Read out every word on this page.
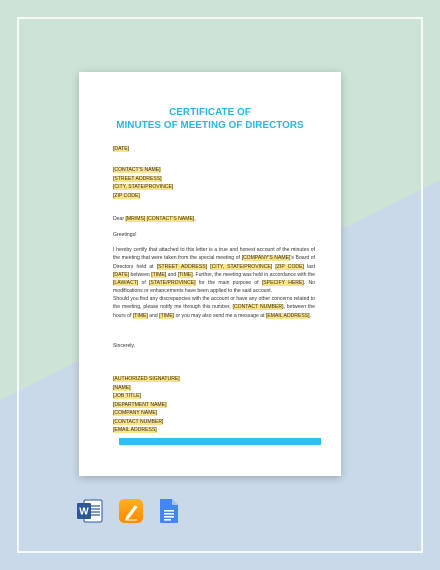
CERTIFICATE OF
MINUTES OF MEETING OF DIRECTORS
[DATE]
[CONTACT'S NAME]
[STREET ADDRESS]
[CITY, STATE/PROVINCE]
[ZIP CODE]
Dear [MR/MS] [CONTACT'S NAME],
Greetings!
I hereby certify that attached to this letter is a true and honest account of the minutes of the meeting that were taken from the special meeting of [COMPANY'S NAME]'s Board of Directors held at [STREET ADDRESS] [CITY, STATE/PROVINCE] [ZIP CODE] last [DATE] between [TIME] and [TIME]. Further, the meeting was held in accordance with the [LAW/ACT] of [STATE/PROVINCE] for the main purpose of [SPECIFY HERE]. No modifications or enhancements have been applied to the said account.
Should you find any discrepancies with the account or have any other concerns related to the meeting, please notify me through this number, [CONTACT NUMBER], between the hours of [TIME] and [TIME] or you may also send me a message at [EMAIL ADDRESS].
Sincerely,
[AUTHORIZED SIGNATURE]
[NAME]
[JOB TITLE]
[DEPARTMENT NAME]
[COMPANY NAME]
[CONTACT NUMBER]
[EMAIL ADDRESS]
W
